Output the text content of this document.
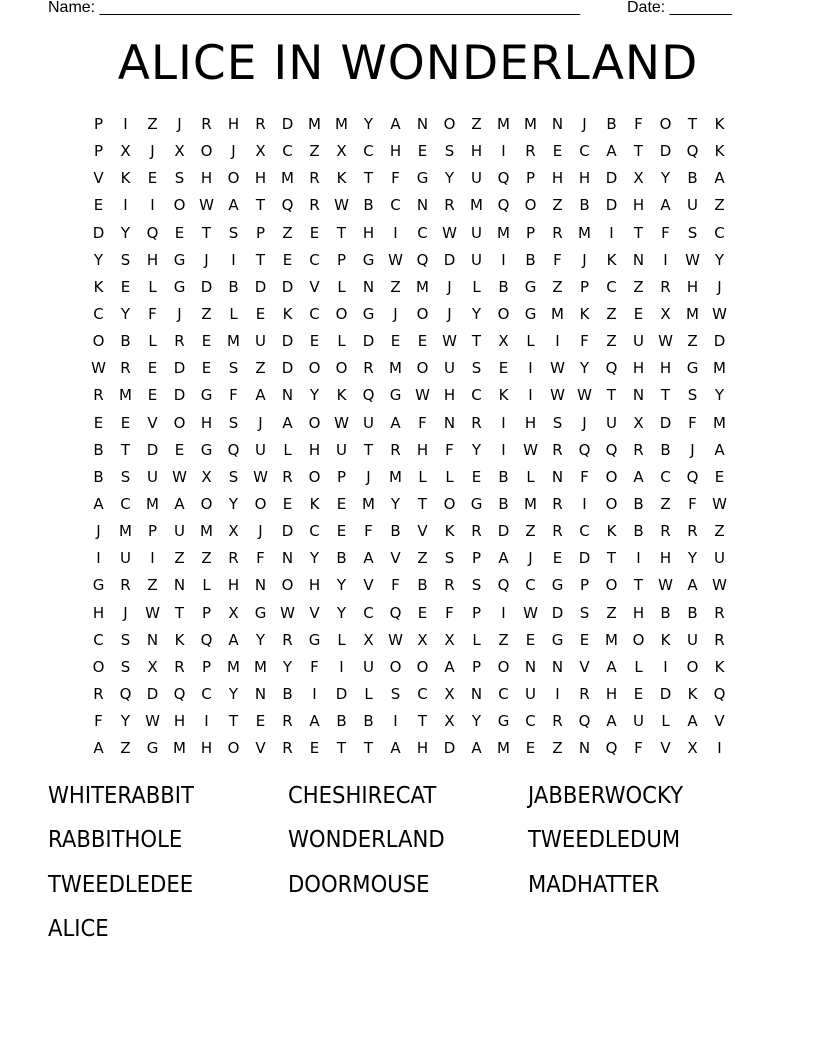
Name: ______________________________________________________	Date: _______
ALICE IN WONDERLAND
P	I	Z	J	R	H	R	D M M	Y	A	N	O	Z	M M N	J	B	F	O	T	K
P	X	J	X	O	J	X	C	Z	X	C	H	E	S	H	I	R	E	C	A	T	D	Q	K
V	K	E	S	H	O	H M	R	K	T	F	G	Y	U	Q	P	H	H	D	X	Y	B	A
E	I	I	O W A	T	Q	R W B	C	N	R	M Q	O	Z	B	D	H	A	U	Z
D	Y	Q	E	T	S	P	Z	E	T	H	I	C W U	M	P	R	M	I	T	F	S	C
Y	S	H	G	J	I	T	E	C	P	G W Q	D	U	I	B	F	J	K	N	I	W Y
K	E	L	G	D	B	D	D	V	L	N	Z	M	J	L	B	G	Z	P	C	Z	R	H	J
C	Y	F	J	Z	L	E	K	C	O	G	J	O	J	Y	O	G M	K	Z	E	X	M W
O	B	L	R	E	M	U	D	E	L	D	E	E W T	X	L	I	F	Z	U W Z	D
W R	E	D	E	S	Z	D	O	O	R	M O	U	S	E	I	W Y	Q	H	H	G M
R	M	E	D	G	F	A	N	Y	K	Q	G W H	C	K	I	W W T	N	T	S	Y
E	E	V	O	H	S	J	A	O W U	A	F	N	R	I	H	S	J	U	X	D	F	M
B	T	D	E	G	Q	U	L	H	U	T	R	H	F	Y	I	W R	Q	Q	R	B	J	A
B	S	U W X	S W R	O	P	J	M	L	L	E	B	L	N	F	O	A	C	Q	E
A	C	M	A	O	Y	O	E	K	E	M	Y	T	O	G	B	M	R	I	O	B	Z	F	W
J	M	P	U	M	X	J	D	C	E	F	B	V	K	R	D	Z	R	C	K	B	R	R	Z
I	U	I	Z	Z	R	F	N	Y	B	A	V	Z	S	P	A	J	E	D	T	I	H	Y	U
G	R	Z	N	L	H	N	O	H	Y	V	F	B	R	S	Q	C	G	P	O	T	W A W
H	J	W T	P	X	G W V	Y	C	Q	E	F	P	I	W D	S	Z	H	B	B	R
C	S	N	K	Q	A	Y	R	G	L	X W X	X	L	Z	E	G	E	M O	K	U	R
O	S	X	R	P	M M	Y	F	I	U	O	O	A	P	O	N	N	V	A	L	I	O	K
R	Q	D	Q	C	Y	N	B	I	D	L	S	C	X	N	C	U	I	R	H	E	D	K	Q
F	Y	W H	I	T	E	R	A	B	B	I	T	X	Y	G	C	R	Q	A	U	L	A	V
A	Z	G M H	O	V	R	E	T	T	A	H	D	A	M	E	Z	N	Q	F	V	X	I
WHITERABBIT	CHESHIRECAT	JABBERWOCKY
RABBITHOLE	WONDERLAND	TWEEDLEDUM
TWEEDLEDEE	DOORMOUSE	MADHATTER
ALICE
